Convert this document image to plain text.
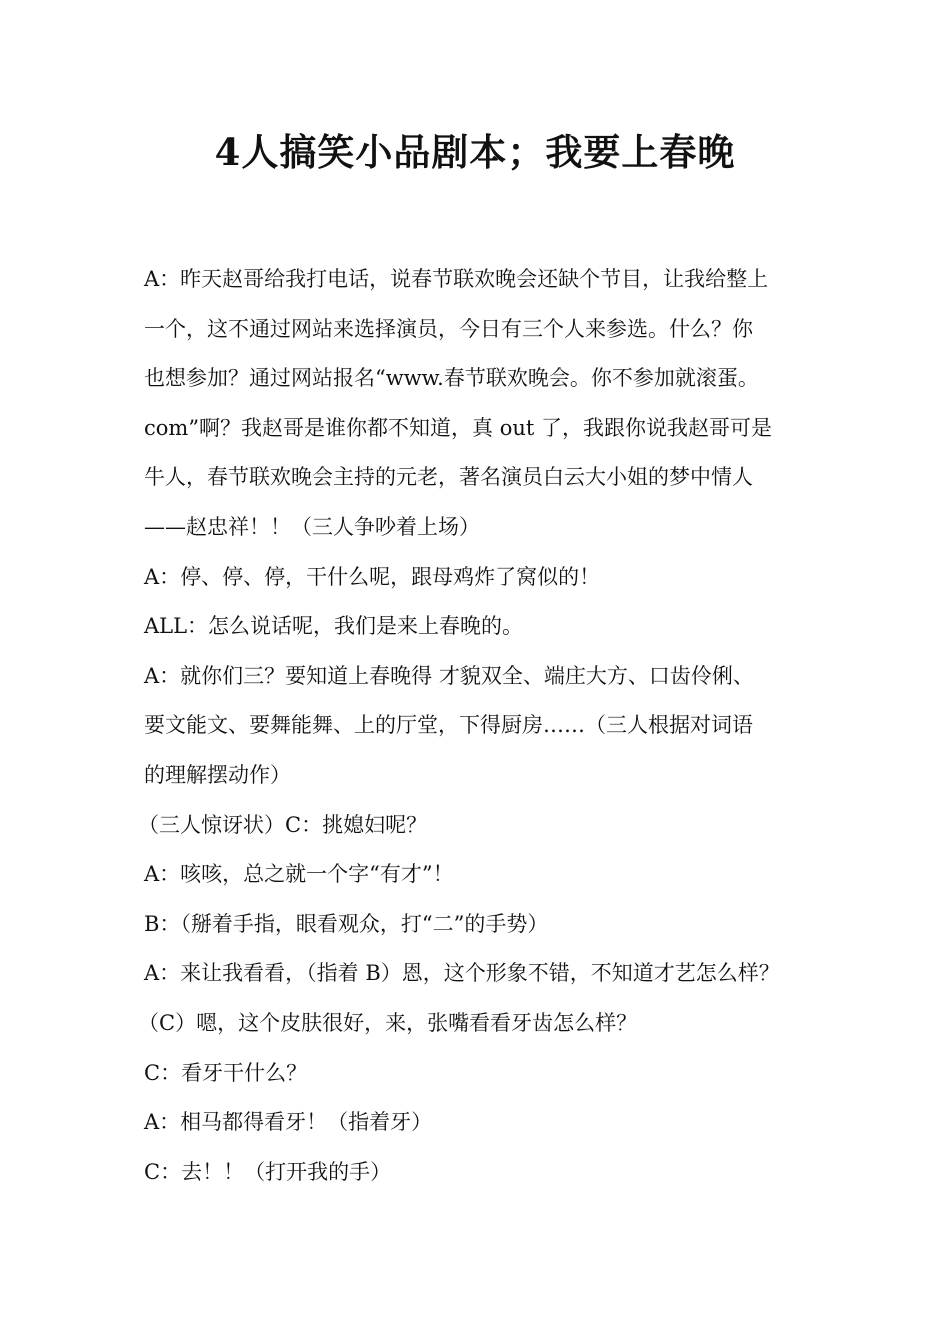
4人搞笑小品剧本；我要上春晚
A：昨天赵哥给我打电话，说春节联欢晚会还缺个节目，让我给整上
一个，这不通过网站来选择演员，今日有三个人来参选。什么？你
也想参加？通过网站报名“www.春节联欢晚会。你不参加就滚蛋。
com”啊？我赵哥是谁你都不知道，真 out 了，我跟你说我赵哥可是
牛人，春节联欢晚会主持的元老，著名演员白云大小姐的梦中情人
——赵忠祥！！（三人争吵着上场）
A：停、停、停，干什么呢，跟母鸡炸了窝似的！
ALL：怎么说话呢，我们是来上春晚的。
A：就你们三？要知道上春晚得 才貌双全、端庄大方、口齿伶俐、
要文能文、要舞能舞、上的厅堂，下得厨房……（三人根据对词语
的理解摆动作）
（三人惊讶状）C：挑媳妇呢？
A：咳咳，总之就一个字“有才”！
B：（掰着手指，眼看观众，打“二”的手势）
A：来让我看看，（指着 B）恩，这个形象不错，不知道才艺怎么样？
（C）嗯，这个皮肤很好，来，张嘴看看牙齿怎么样？
C：看牙干什么？
A：相马都得看牙！（指着牙）
C：去！！（打开我的手）
